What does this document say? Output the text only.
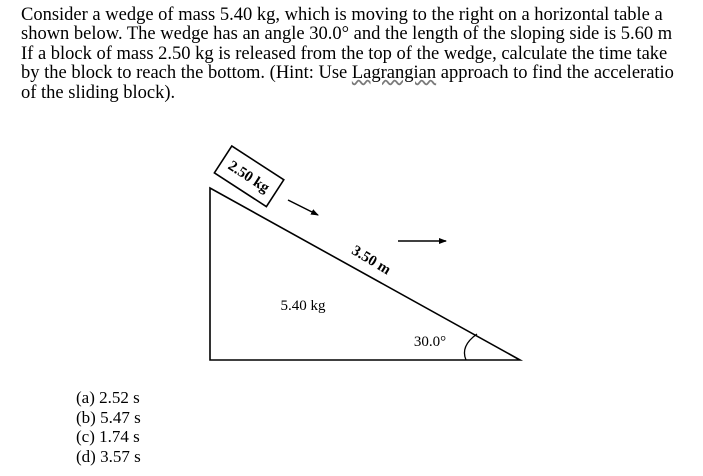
Consider a wedge of mass 5.40 kg, which is moving to the right on a horizontal table a
shown below. The wedge has an angle 30.0° and the length of the sloping side is 5.60 m
If a block of mass 2.50 kg is released from the top of the wedge, calculate the time take
by the block to reach the bottom. (Hint: Use Lagrangian approach to find the acceleratio
of the sliding block).
2.50 kg
3.50 m
5.40 kg
30.0°
(a) 2.52 s
(b) 5.47 s
(c) 1.74 s
(d) 3.57 s
